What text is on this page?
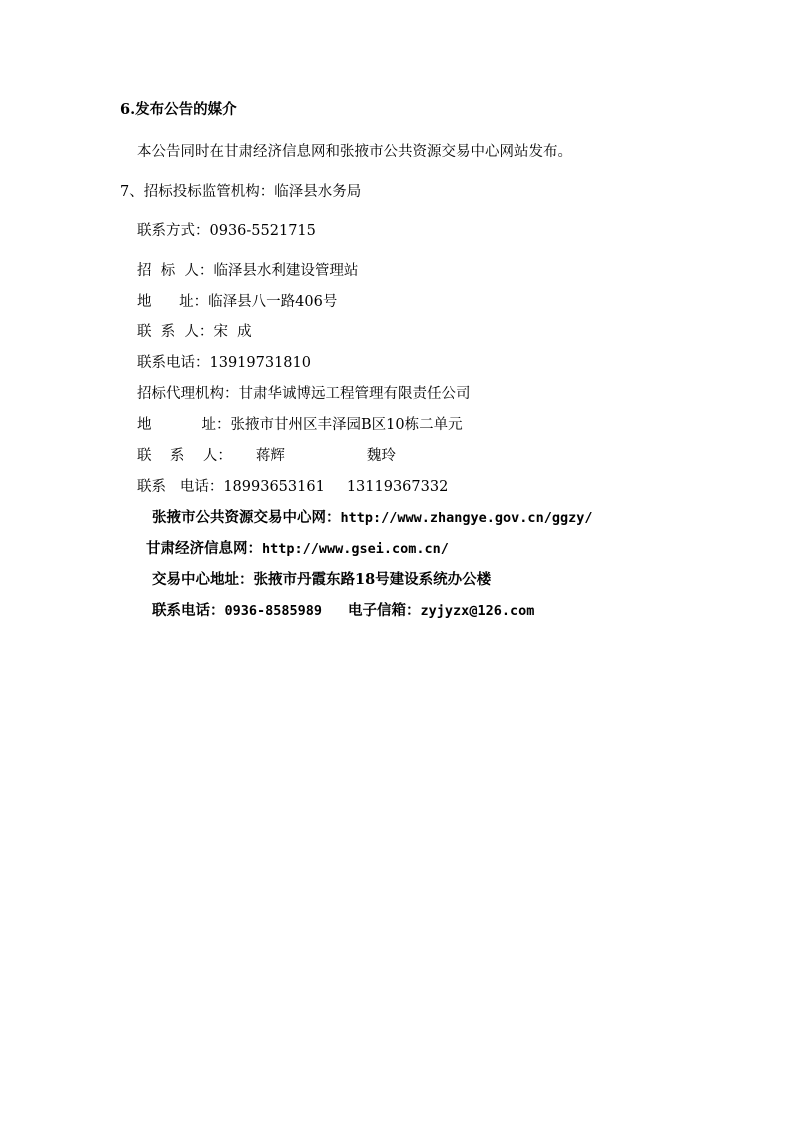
6.发布公告的媒介
本公告同时在甘肃经济信息网和张掖市公共资源交易中心网站发布。
7、招标投标监管机构：临泽县水务局
联系方式：0936-5521715
招  标  人：临泽县水利建设管理站
地      址：临泽县八一路406号
联  系  人：宋  成
联系电话：13919731810
招标代理机构：甘肃华诚博远工程管理有限责任公司
地	址：张掖市甘州区丰泽园B区10栋二单元
联    系    人： 蒋辉	魏玲
联系   电话：18993653161 13119367332
张掖市公共资源交易中心网：http://www.zhangye.gov.cn/ggzy/
甘肃经济信息网：http://www.gsei.com.cn/
交易中心地址：张掖市丹霞东路18号建设系统办公楼
联系电话：0936-8585989 电子信箱：zyjyzx@126.com
